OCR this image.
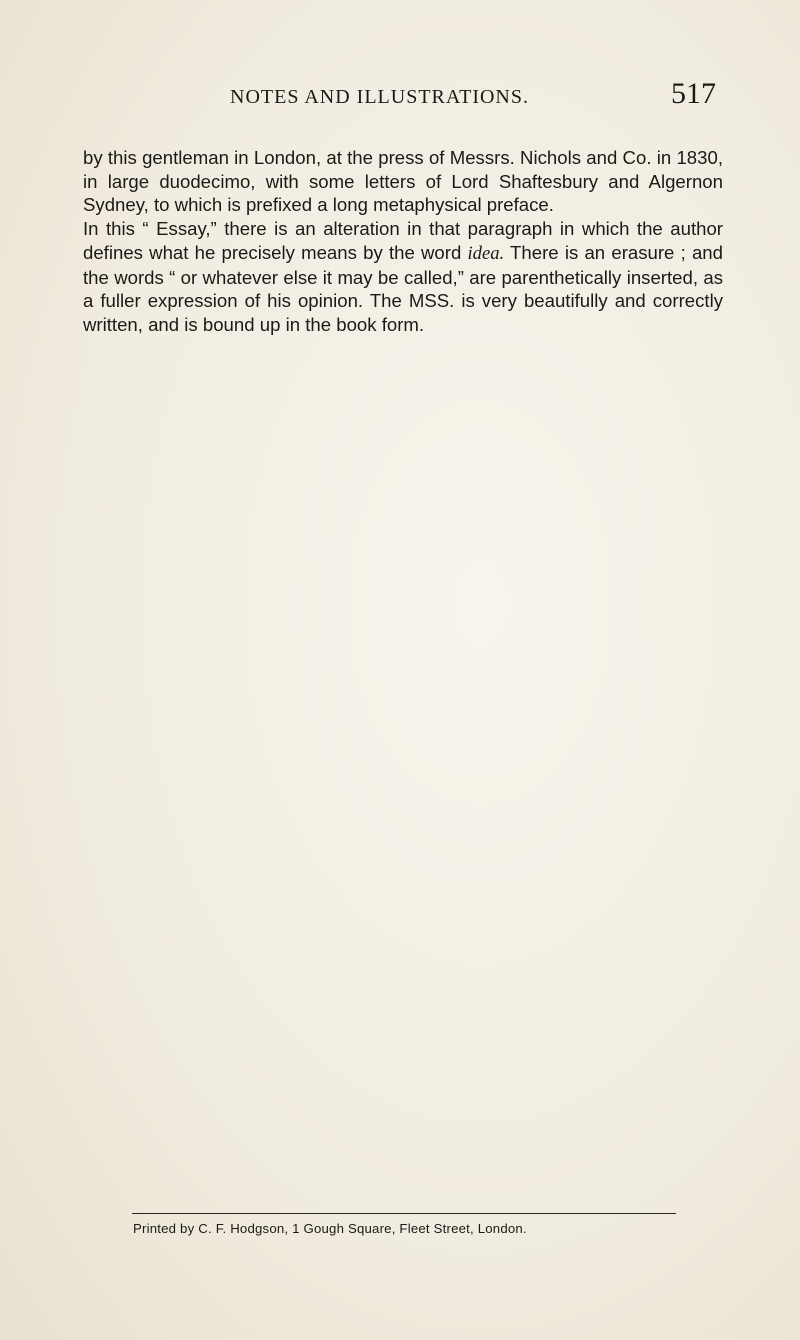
NOTES AND ILLUSTRATIONS.	517

by this gentleman in London, at the press of Messrs. Nichols and Co. in 1830, in large duodecimo, with some letters of Lord Shaftesbury and Algernon Sydney, to which is prefixed a long metaphysical preface.

In this “ Essay,” there is an alteration in that paragraph in which the author defines what he precisely means by the word idea. There is an erasure ; and the words “ or whatever else it may be called,” are parenthetically inserted, as a fuller expression of his opinion. The MSS. is very beautifully and correctly written, and is bound up in the book form.

Printed by C. F. Hodgson, 1 Gough Square, Fleet Street, London.
